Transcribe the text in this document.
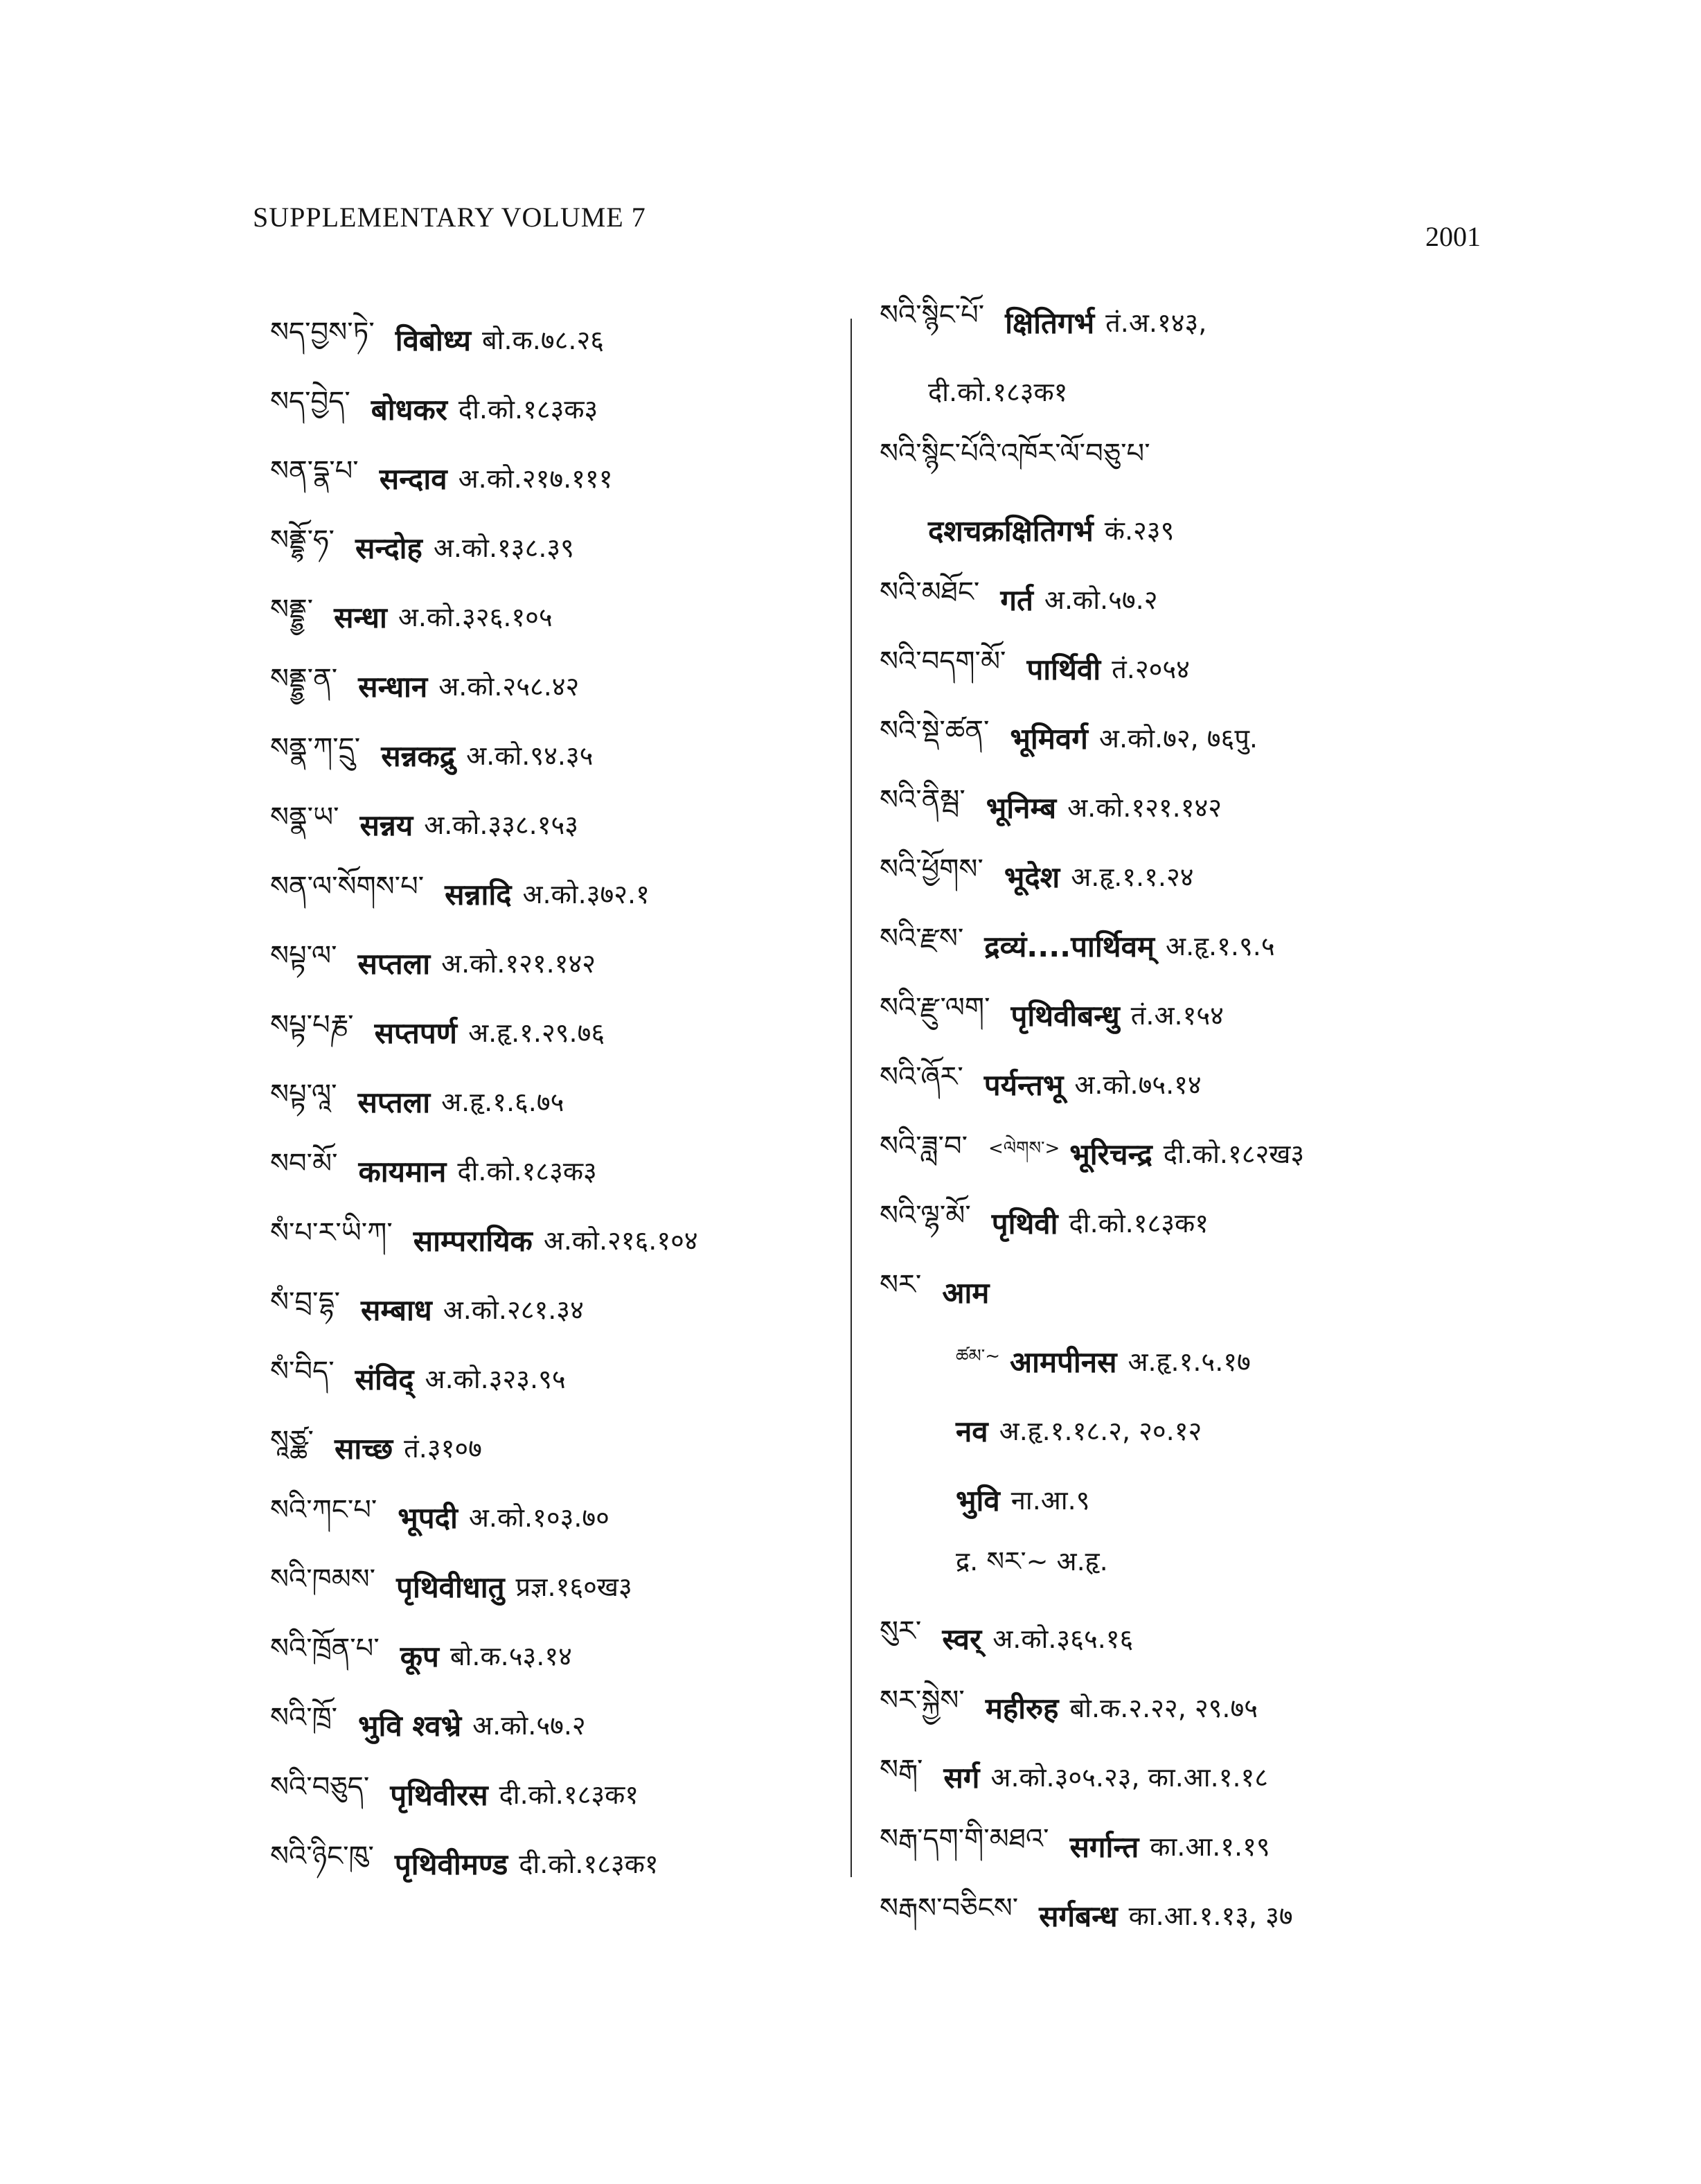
SUPPLEMENTARY VOLUME 7
2001
སད་བྱས་ཏེ་ विबोध्य बो.क.७८.२६
སད་བྱེད་ बोधकर दी.को.१८३क३
སན་དྣ་པ་ सन्दाव अ.को.२१७.१११
སནྡྷོ་ཧ་ सन्दोह अ.को.१३८.३९
སནྡྷྱ་ सन्धा अ.को.३२६.१०५
སནྡྷྱ་ན་ सन्धान अ.को.२५८.४२
སནྣ་ཀ་དྲུ་ सन्नकद्रु अ.को.९४.३५
སནྣ་ཡ་ सन्नय अ.को.३३८.१५३
སན་ལ་སོགས་པ་ सन्नादि अ.को.३७२.१
སཔྟ་ལ་ सप्तला अ.को.१२१.१४२
སཔྟ་པརྞ་ सप्तपर्ण अ.हृ.१.२९.७६
སཔྟ་ལཱ་ सप्तला अ.हृ.१.६.७५
སབ་མོ་ कायमान दी.को.१८३क३
སཾ་པ་ར་ཡི་ཀ་ साम्परायिक अ.को.२१६.१०४
སཾ་བྲ་དྷ་ सम्बाध अ.को.२८१.३४
སཾ་བིད་ संविद् अ.को.३२३.९५
སཱཙྪ་ साच्छ तं.३१०७
སའི་ཀང་པ་ भूपदी अ.को.१०३.७०
སའི་ཁམས་ पृथिवीधातु प्रज्ञ.१६०ख३
སའི་ཁྲོན་པ་ कूप बो.क.५३.१४
སའི་ཁྲོ་ भुवि श्वभ्रे अ.को.५७.२
སའི་བཅུད་ पृथिवीरस दी.को.१८३क१
སའི་ཉིང་ཁུ་ पृथिवीमण्ड दी.को.१८३क१
སའི་སྙིང་པོ་ क्षितिगर्भ तं.अ.१४३,
दी.को.१८३क१
སའི་སྙིང་པོའི་འཁོར་ལོ་བཅུ་པ་
दशचक्रक्षितिगर्भ कं.२३९
སའི་མཐོང་ गर्त अ.को.५७.२
སའི་བདག་མོ་ पार्थिवी तं.२०५४
སའི་སྡེ་ཚན་ भूमिवर्ग अ.को.७२, ७६पु.
སའི་ནིམྦ་ भूनिम्ब अ.को.१२१.१४२
སའི་ཕྱོགས་ भूदेश अ.हृ.१.१.२४
སའི་རྫས་ द्रव्यं....पार्थिवम् अ.हृ.१.९.५
སའི་རྫུ་ལག་ पृथिवीबन्धु तं.अ.१५४
སའི་ཞོར་ पर्यन्तभू अ.को.७५.१४
སའི་ཟླ་བ་ <ལེགས་> भूरिचन्द्र दी.को.१८२ख३
སའི་ལྷ་མོ་ पृथिवी दी.को.१८३क१
སར་ आम
ཚམ་~ आमपीनस अ.हृ.१.५.१७
नव अ.हृ.१.१८.२, २०.१२
भुवि ना.आ.९
द्र. སར་~ अ.हृ.
སུར་ स्वर् अ.को.३६५.१६
སར་སྐྱེས་ महीरुह बो.क.२.२२, २९.७५
སརྒ་ सर्ग अ.को.३०५.२३, का.आ.१.१८
སརྒ་དག་གི་མཐའ་ सर्गान्त का.आ.१.१९
སརྒས་བཅིངས་ सर्गबन्ध का.आ.१.१३, ३७
